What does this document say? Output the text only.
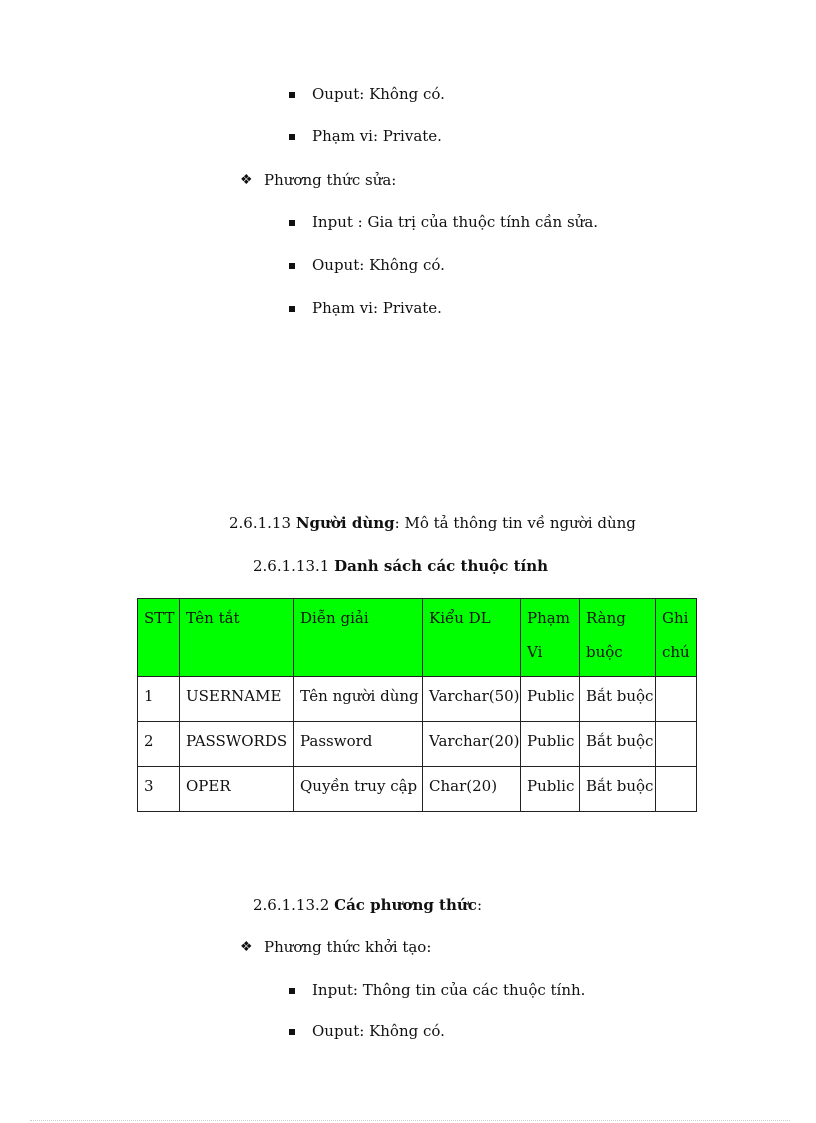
Ouput: Không có.
Phạm vi: Private.
❖ Phương thức sửa:
Input : Gia trị của thuộc tính cần sửa.
Ouput: Không có.
Phạm vi: Private.
2.6.1.13 Người dùng: Mô tả thông tin về người dùng
2.6.1.13.1 Danh sách các thuộc tính
STT	Tên tắt	Diễn giải	Kiểu DL	Phạm Vi	Ràng buộc	Ghi chú
1	USERNAME	Tên người dùng	Varchar(50)	Public	Bắt buộc	
2	PASSWORDS	Password	Varchar(20)	Public	Bắt buộc	
3	OPER	Quyền truy cập	Char(20)	Public	Bắt buộc	
2.6.1.13.2 Các phương thức:
❖ Phương thức khởi tạo:
Input: Thông tin của các thuộc tính.
Ouput: Không có.
